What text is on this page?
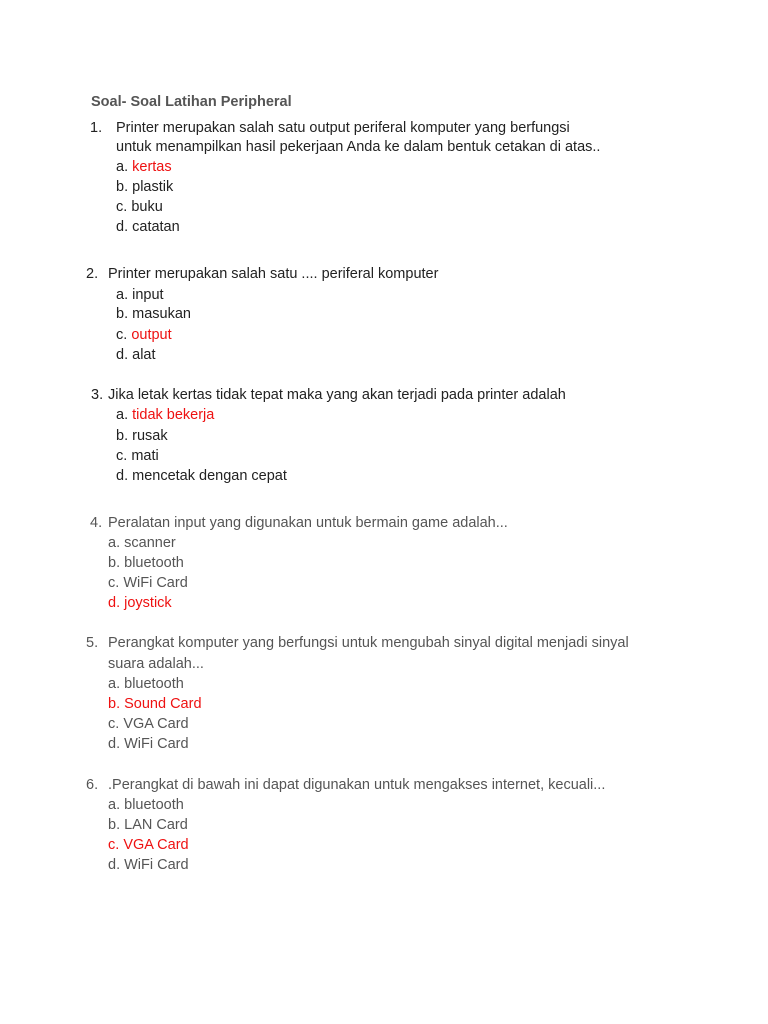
Soal- Soal Latihan Peripheral
1. Printer merupakan salah satu output periferal komputer yang berfungsi
untuk menampilkan hasil pekerjaan Anda ke dalam bentuk cetakan di atas..
a. kertas
b. plastik
c. buku
d. catatan
2. Printer merupakan salah satu .... periferal komputer
a. input
b. masukan
c. output
d. alat
3. Jika letak kertas tidak tepat maka yang akan terjadi pada printer adalah
a. tidak bekerja
b. rusak
c. mati
d. mencetak dengan cepat
4. Peralatan input yang digunakan untuk bermain game adalah...
a. scanner
b. bluetooth
c. WiFi Card
d. joystick
5. Perangkat komputer yang berfungsi untuk mengubah sinyal digital menjadi sinyal
suara adalah...
a. bluetooth
b. Sound Card
c. VGA Card
d. WiFi Card
6. .Perangkat di bawah ini dapat digunakan untuk mengakses internet, kecuali...
a. bluetooth
b. LAN Card
c. VGA Card
d. WiFi Card
